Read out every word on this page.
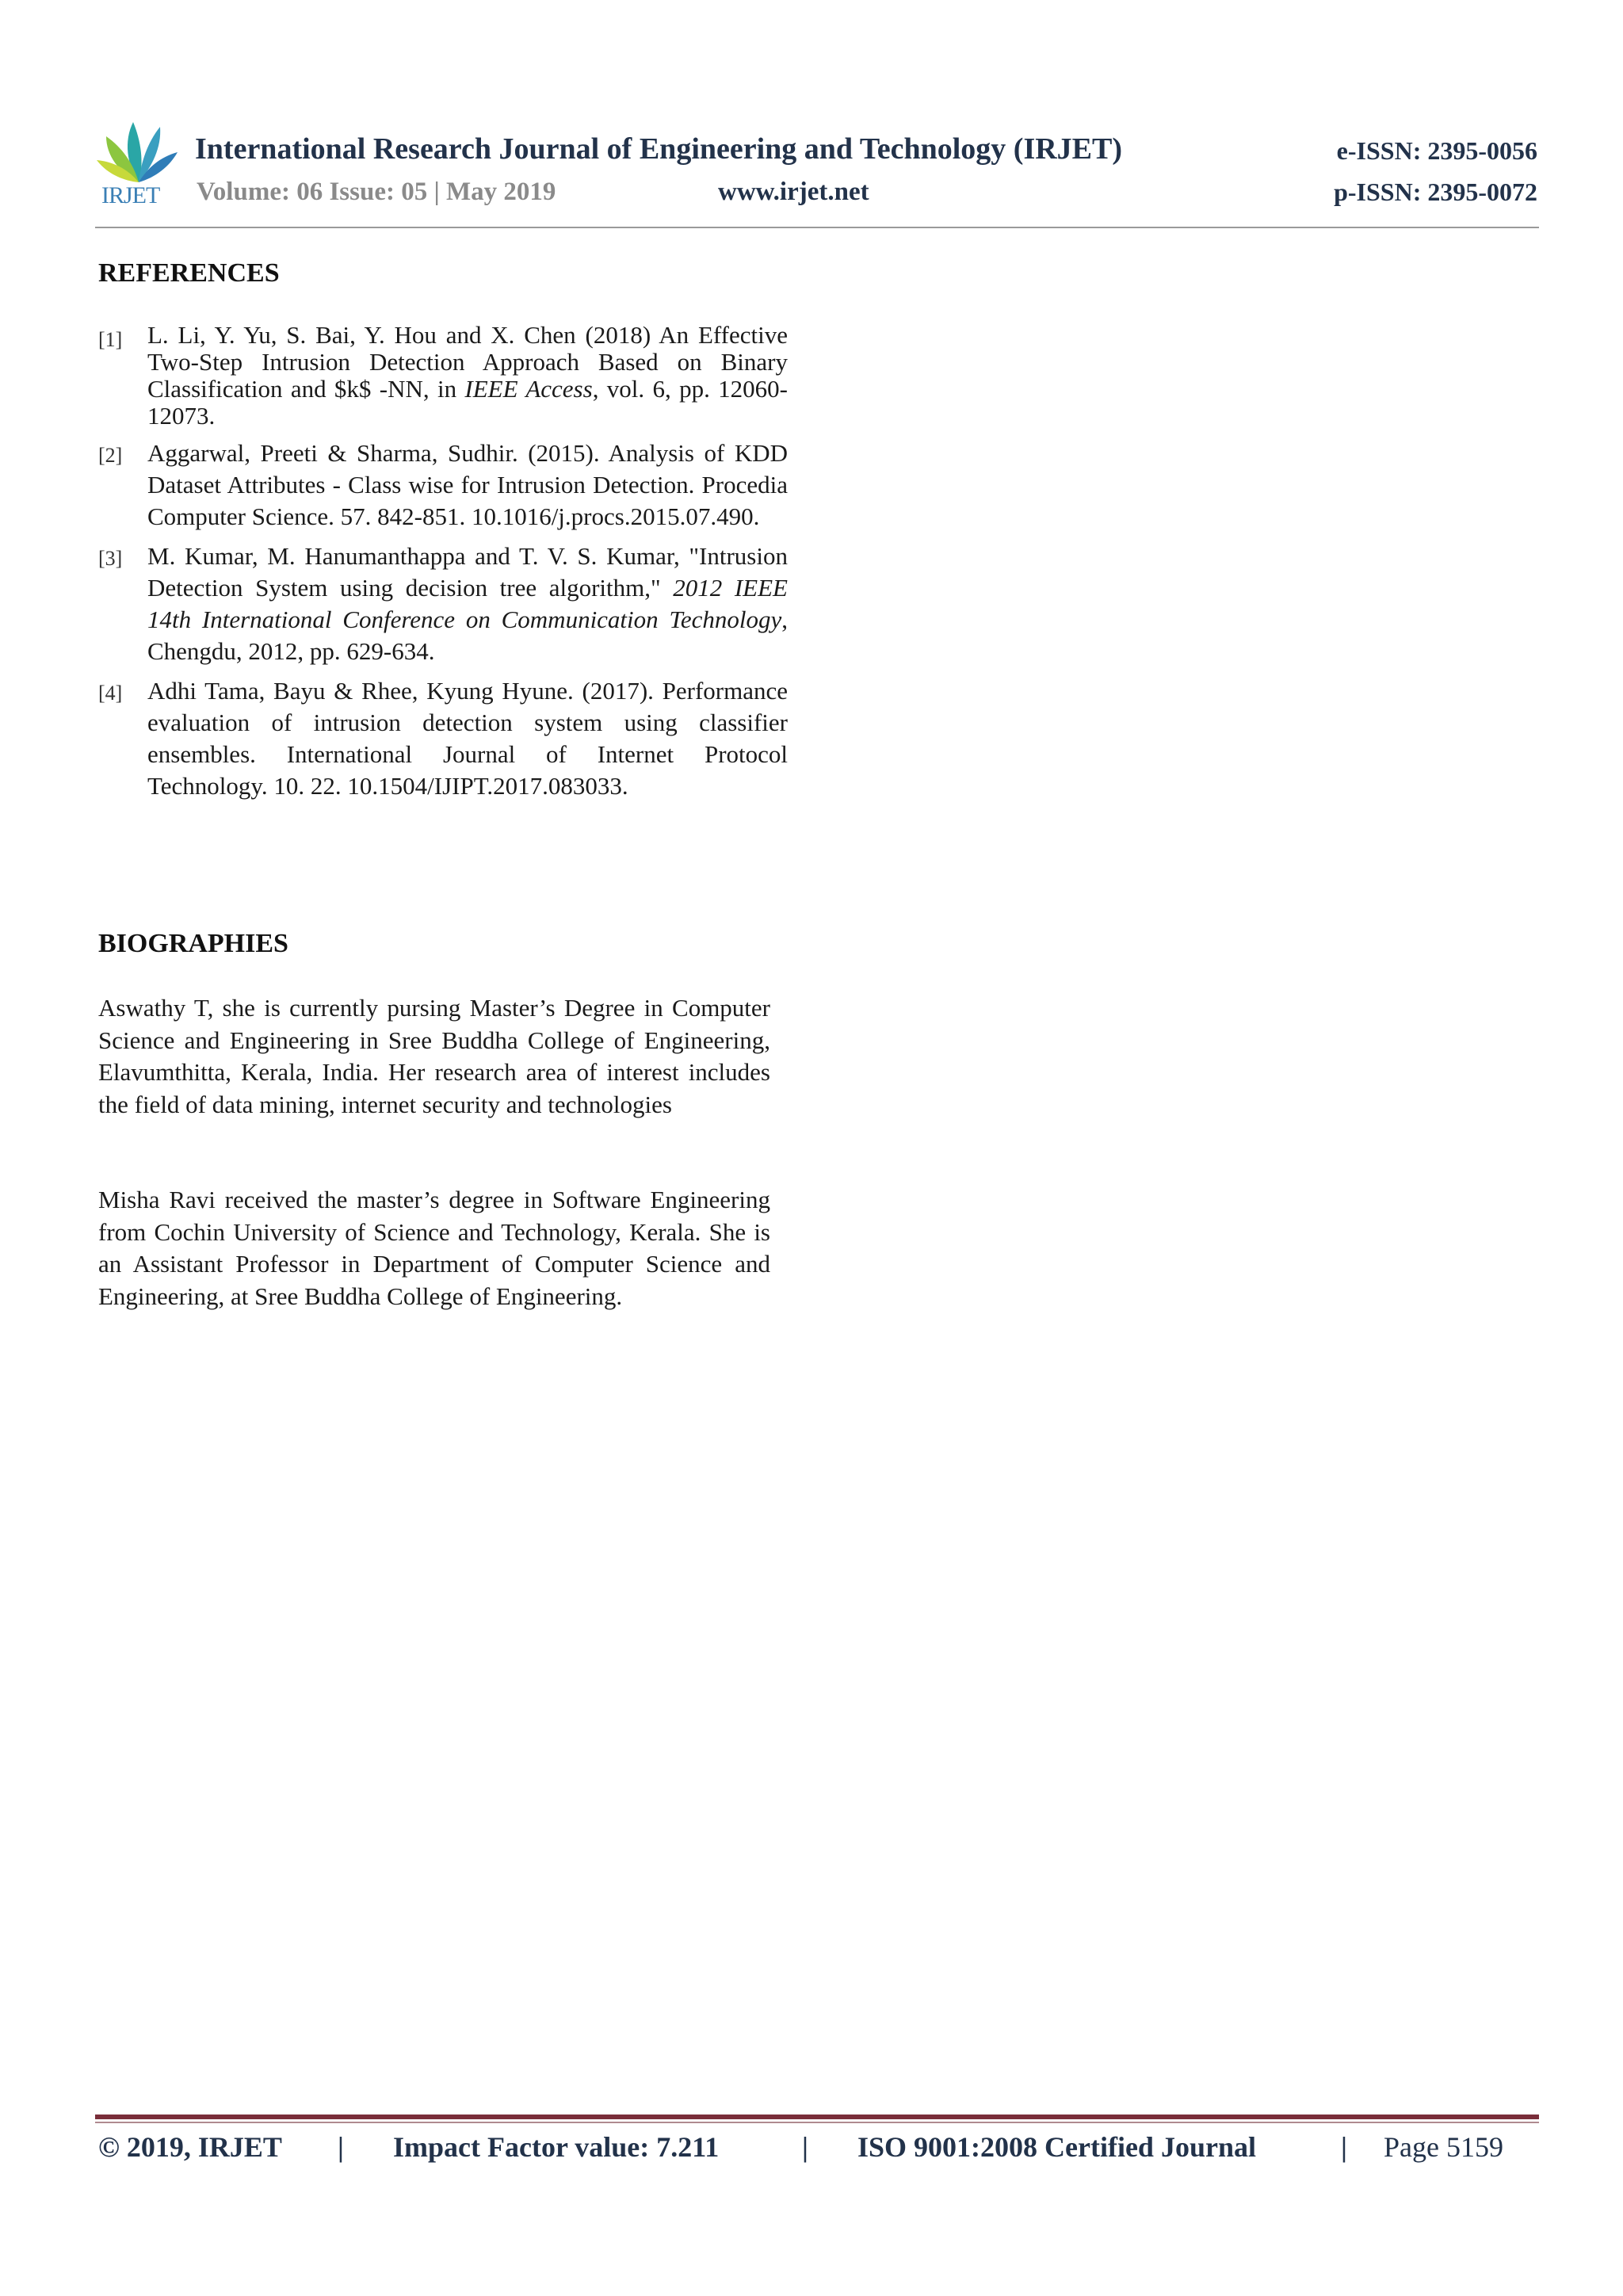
IRJET
International Research Journal of Engineering and Technology (IRJET)	e-ISSN: 2395-0056
Volume: 06 Issue: 05 | May 2019	www.irjet.net	p-ISSN: 2395-0072
REFERENCES
[1] L. Li, Y. Yu, S. Bai, Y. Hou and X. Chen (2018) An Effective Two-Step Intrusion Detection Approach Based on Binary Classification and $k$ -NN, in IEEE Access, vol. 6, pp. 12060-12073.
[2] Aggarwal, Preeti & Sharma, Sudhir. (2015). Analysis of KDD Dataset Attributes - Class wise for Intrusion Detection. Procedia Computer Science. 57. 842-851. 10.1016/j.procs.2015.07.490.
[3] M. Kumar, M. Hanumanthappa and T. V. S. Kumar, "Intrusion Detection System using decision tree algorithm," 2012 IEEE 14th International Conference on Communication Technology, Chengdu, 2012, pp. 629-634.
[4] Adhi Tama, Bayu & Rhee, Kyung Hyune. (2017). Performance evaluation of intrusion detection system using classifier ensembles. International Journal of Internet Protocol Technology. 10. 22. 10.1504/IJIPT.2017.083033.
BIOGRAPHIES
Aswathy T, she is currently pursing Master’s Degree in Computer Science and Engineering in Sree Buddha College of Engineering, Elavumthitta, Kerala, India. Her research area of interest includes the field of data mining, internet security and technologies
Misha Ravi received the master’s degree in Software Engineering from Cochin University of Science and Technology, Kerala. She is an Assistant Professor in Department of Computer Science and Engineering, at Sree Buddha College of Engineering.
© 2019, IRJET | Impact Factor value: 7.211	| ISO 9001:2008 Certified Journal	| Page 5159
